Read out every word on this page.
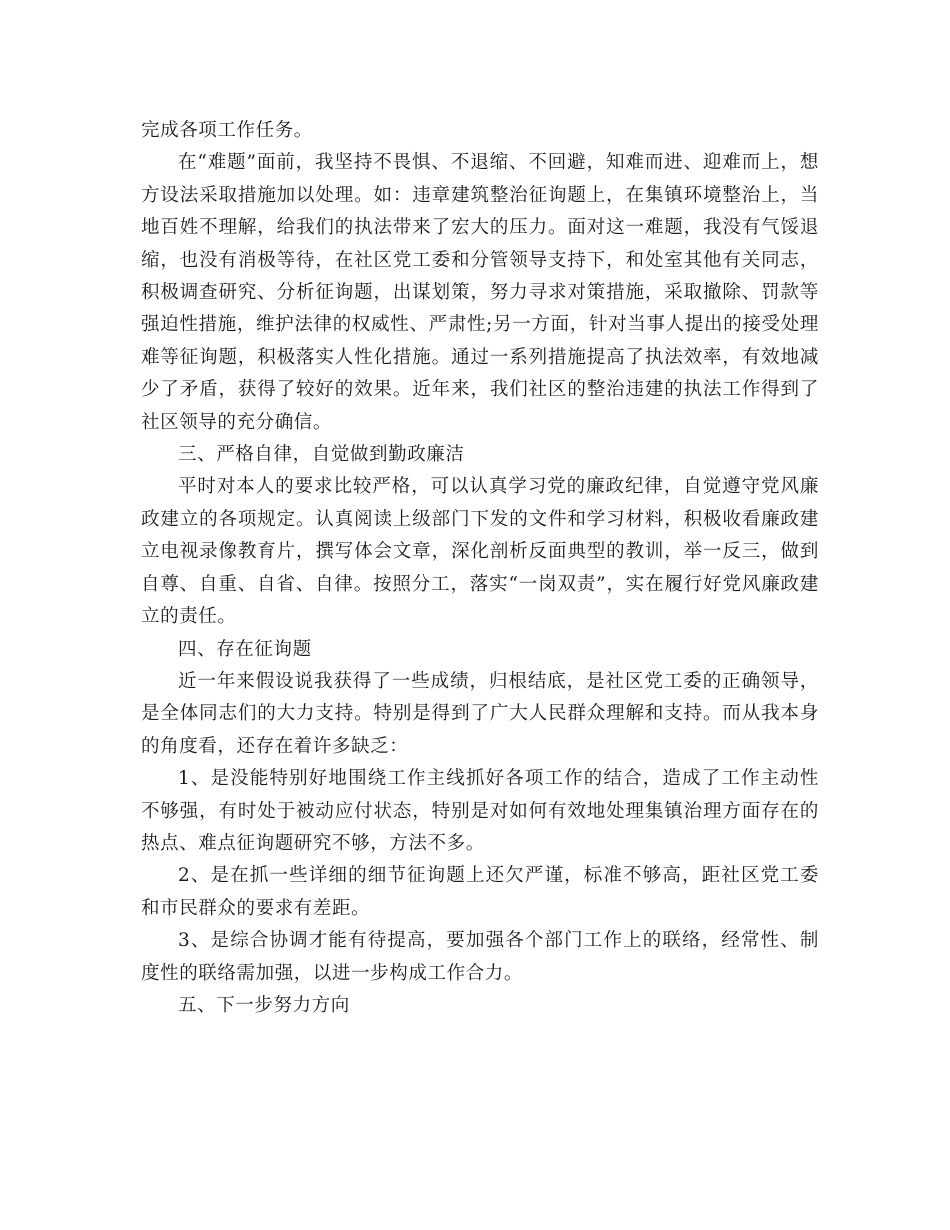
完成各项工作任务。

在“难题”面前，我坚持不畏惧、不退缩、不回避，知难而进、迎难而上，想方设法采取措施加以处理。如：违章建筑整治征询题上，在集镇环境整治上，当地百姓不理解，给我们的执法带来了宏大的压力。面对这一难题，我没有气馁退缩，也没有消极等待，在社区党工委和分管领导支持下，和处室其他有关同志，积极调查研究、分析征询题，出谋划策，努力寻求对策措施，采取撤除、罚款等强迫性措施，维护法律的权威性、严肃性;另一方面，针对当事人提出的接受处理难等征询题，积极落实人性化措施。通过一系列措施提高了执法效率，有效地减少了矛盾，获得了较好的效果。近年来，我们社区的整治违建的执法工作得到了社区领导的充分确信。

三、严格自律，自觉做到勤政廉洁

平时对本人的要求比较严格，可以认真学习党的廉政纪律，自觉遵守党风廉政建立的各项规定。认真阅读上级部门下发的文件和学习材料，积极收看廉政建立电视录像教育片，撰写体会文章，深化剖析反面典型的教训，举一反三，做到自尊、自重、自省、自律。按照分工，落实“一岗双责”，实在履行好党风廉政建立的责任。

四、存在征询题

近一年来假设说我获得了一些成绩，归根结底，是社区党工委的正确领导，是全体同志们的大力支持。特别是得到了广大人民群众理解和支持。而从我本身的角度看，还存在着许多缺乏：

1、是没能特别好地围绕工作主线抓好各项工作的结合，造成了工作主动性不够强，有时处于被动应付状态，特别是对如何有效地处理集镇治理方面存在的热点、难点征询题研究不够，方法不多。

2、是在抓一些详细的细节征询题上还欠严谨，标准不够高，距社区党工委和市民群众的要求有差距。

3、是综合协调才能有待提高，要加强各个部门工作上的联络，经常性、制度性的联络需加强，以进一步构成工作合力。

五、下一步努力方向
